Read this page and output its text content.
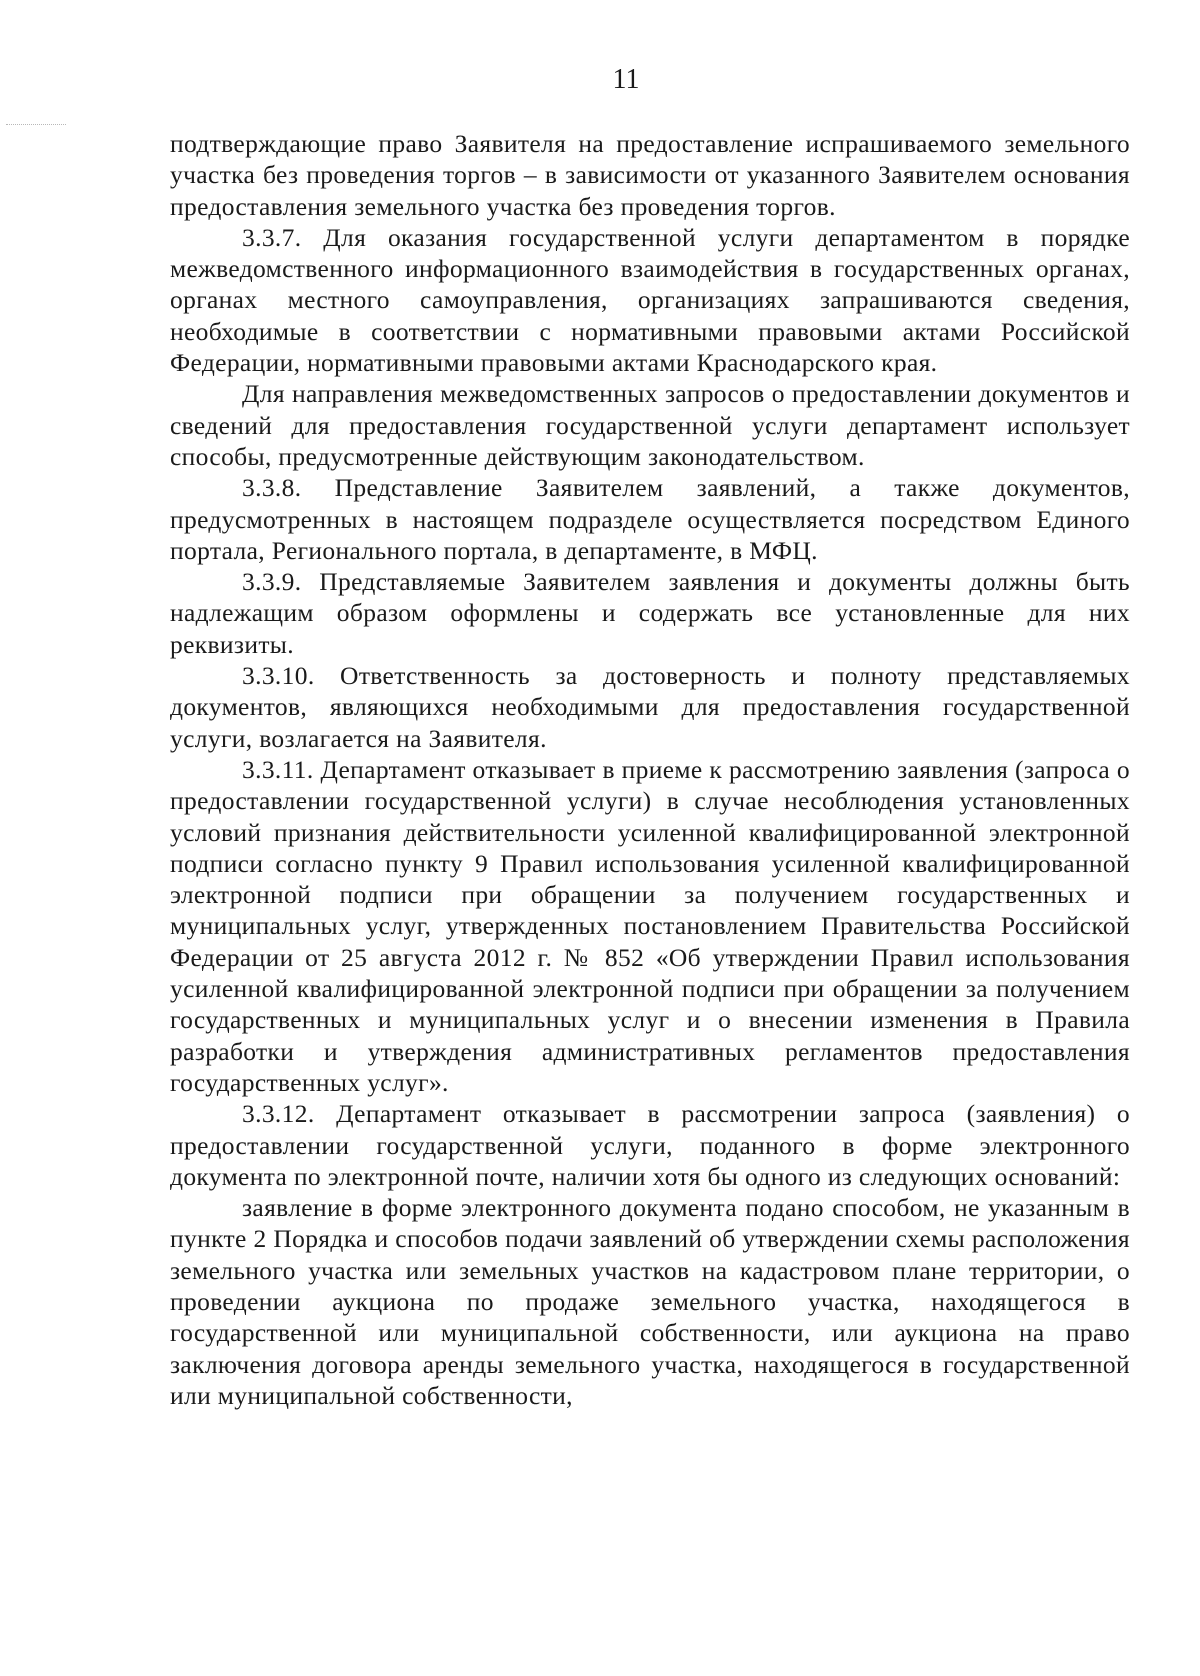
11

подтверждающие право Заявителя на предоставление испрашиваемого земельного участка без проведения торгов – в зависимости от указанного Заявителем основания предоставления земельного участка без проведения торгов.

3.3.7. Для оказания государственной услуги департаментом в порядке межведомственного информационного взаимодействия в государственных органах, органах местного самоуправления, организациях запрашиваются сведения, необходимые в соответствии с нормативными правовыми актами Российской Федерации, нормативными правовыми актами Краснодарского края.

Для направления межведомственных запросов о предоставлении документов и сведений для предоставления государственной услуги департамент использует способы, предусмотренные действующим законодательством.

3.3.8. Представление Заявителем заявлений, а также документов, предусмотренных в настоящем подразделе осуществляется посредством Единого портала, Регионального портала, в департаменте, в МФЦ.

3.3.9. Представляемые Заявителем заявления и документы должны быть надлежащим образом оформлены и содержать все установленные для них реквизиты.

3.3.10. Ответственность за достоверность и полноту представляемых документов, являющихся необходимыми для предоставления государственной услуги, возлагается на Заявителя.

3.3.11. Департамент отказывает в приеме к рассмотрению заявления (запроса о предоставлении государственной услуги) в случае несоблюдения установленных условий признания действительности усиленной квалифицированной электронной подписи согласно пункту 9 Правил использования усиленной квалифицированной электронной подписи при обращении за получением государственных и муниципальных услуг, утвержденных постановлением Правительства Российской Федерации от 25 августа 2012 г. № 852 «Об утверждении Правил использования усиленной квалифицированной электронной подписи при обращении за получением государственных и муниципальных услуг и о внесении изменения в Правила разработки и утверждения административных регламентов предоставления государственных услуг».

3.3.12. Департамент отказывает в рассмотрении запроса (заявления) о предоставлении государственной услуги, поданного в форме электронного документа по электронной почте, наличии хотя бы одного из следующих оснований:

заявление в форме электронного документа подано способом, не указанным в пункте 2 Порядка и способов подачи заявлений об утверждении схемы расположения земельного участка или земельных участков на кадастровом плане территории, о проведении аукциона по продаже земельного участка, находящегося в государственной или муниципальной собственности, или аукциона на право заключения договора аренды земельного участка, находящегося в государственной или муниципальной собственности,
